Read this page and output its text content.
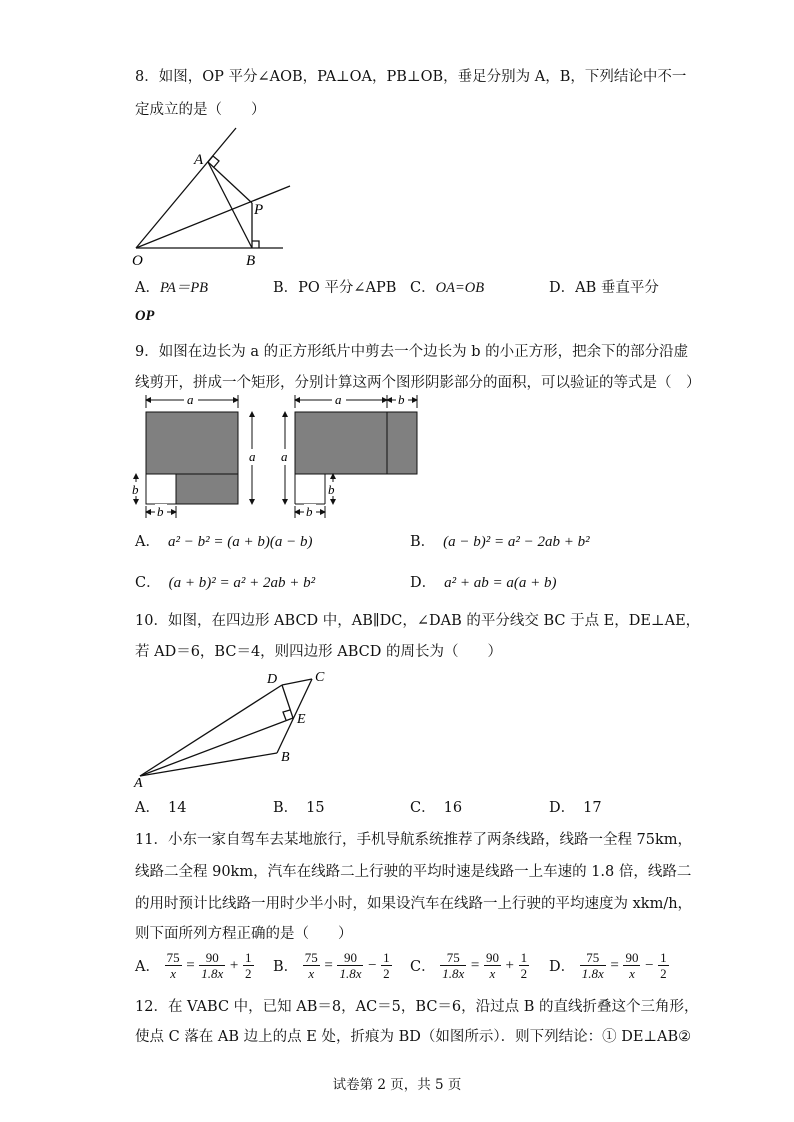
8．如图，OP 平分∠AOB，PA⊥OA，PB⊥OB，垂足分别为 A，B，下列结论中不一
定成立的是（　　）
A
P
O	B
A．PA＝PB	B．PO 平分∠APB C．OA=OB	D．AB 垂直平分
OP
9．如图在边长为 a 的正方形纸片中剪去一个边长为 b 的小正方形，把余下的部分沿虚
线剪开，拼成一个矩形，分别计算这两个图形阴影部分的面积，可以验证的等式是（　）
a
a
b
b
a	b
a
b
b
A． a² − b² = (a + b)(a − b)	B． (a − b)² = a² − 2ab + b²
C． (a + b)² = a² + 2ab + b²	D． a² + ab = a(a + b)
10．如图，在四边形 ABCD 中，AB∥DC，∠DAB 的平分线交 BC 于点 E，DE⊥AE，
若 AD＝6，BC＝4，则四边形 ABCD 的周长为（　　）
D	C
E
B
A
A． 14	B． 15	C． 16	D． 17
11．小东一家自驾车去某地旅行，手机导航系统推荐了两条线路，线路一全程 75km，
线路二全程 90km，汽车在线路二上行驶的平均时速是线路一上车速的 1.8 倍，线路二
的用时预计比线路一用时少半小时，如果设汽车在线路一上行驶的平均速度为 xkm/h，
则下面所列方程正确的是（　　）
A． $\frac{75}{x} = \frac{90}{1.8x} + \frac{1}{2}$ B． $\frac{75}{x} = \frac{90}{1.8x} - \frac{1}{2}$ C． $\frac{75}{1.8x} = \frac{90}{x} + \frac{1}{2}$ D． $\frac{75}{1.8x} = \frac{90}{x} - \frac{1}{2}$
12．在 VABC 中，已知 AB＝8，AC＝5，BC＝6，沿过点 B 的直线折叠这个三角形，
使点 C 落在 AB 边上的点 E 处，折痕为 BD（如图所示）．则下列结论：① DE⊥AB②
试卷第 2 页，共 5 页
